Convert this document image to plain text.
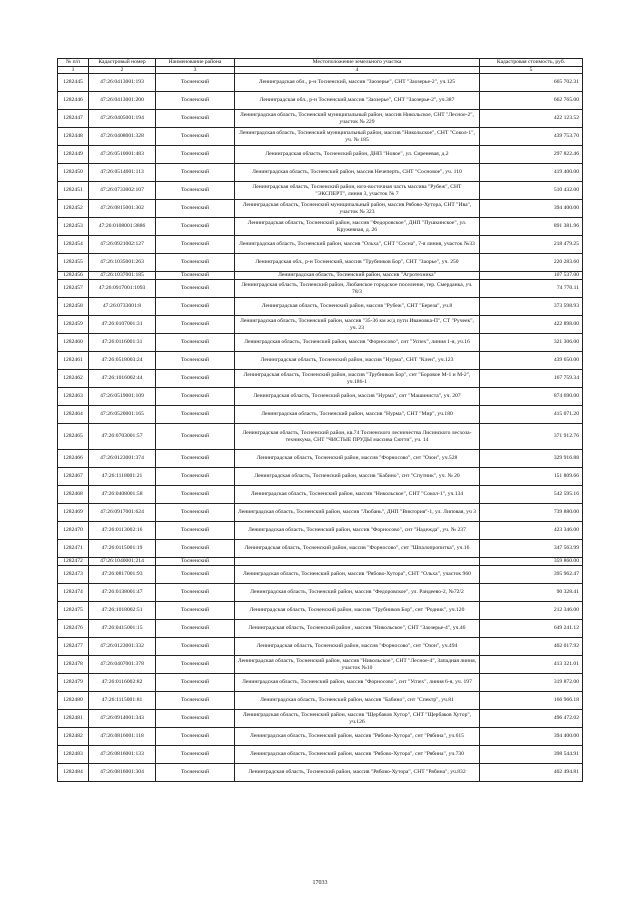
№ п/п	Кадастровый номер	Наименование района	Местоположение земельного участка	Кадастровая стоимость, руб.
1	2	3	4	5
1282445	47:26:0413001:193	Тосненский	Ленинградская обл., р-н Тосненский, массив "Заозерье", СНТ "Заозерье-2", уч.125	665 702.31
1282446	47:26:0413001:200	Тосненский	Ленинградская обл., р-н Тосненский,массив "Заозерье", СНТ "Заозерье-2", уч.387	662 765.00
1282447	47:26:0405001:194	Тосненский	Ленинградская область, Тосненский муниципальный район, массив Никольское, СНТ "Лесное-2", участок № 229	422 123.52
1282448	47:26:0408001:328	Тосненский	Ленинградская область, Тосненский муниципальный район, массив "Никольское", СНТ "Сокол-1", уч. № 185	439 753.70
1282449	47:26:0510001:483	Тосненский	Ленинградская область, Тосненский район, ДНП "Новое", ул. Сиреневая, д.2	297 822.46
1282450	47:26:0514001:113	Тосненский	Ленинградская область, Тосненский район, массив Нечеперть, СНТ "Сосновое", уч. 110	419 400.00
1282451	47:26:0733002:107	Тосненский	Ленинградская область, Тосненский район, юго-восточная часть массива "Рубеж", СНТ "ЭКСПЕРТ", линия 3, участок № 7	510 432.00
1282452	47:26:0815001:302	Тосненский	Ленинградская область, Тосненский муниципальный район, массив Рябово-Хутора, СНТ "Ива", участок № 323	394 400.00
1282453	47:26:0108001:3886	Тосненский	Ленинградская область, Тосненский район, массив "Федоровское", ДНП "Пушкинское", ул. Кружевная, д. 26	891 381.96
1282454	47:26:0921002:127	Тосненский	Ленинградская область, Тосненский район, массив "Ольха", СНТ "Сосна", 7-я линия, участок №33	218 479.25
1282455	47:26:1035001:263	Тосненский	Ленинградская обл., р-н Тосненский, массив "Трубников Бор", СНТ "Заорье", уч. 250	220 283.60
1282456	47:26:1037001:185	Тосненский	Ленинградская область, Тосненский район, массив "Агротехника"	107 537.00
1282457	47:26:0917001:1093	Тосненский	Ленинградская область, Тосненский район, Любанское городское поселение, тер. Смерданка, уч. 78/3	74 770.11
1282458	47:26:0733001:8	Тосненский	Ленинградская область, Тосненский район, массив "Рубеж", СНТ "Береза", уч.8	373 598.93
1282459	47:26:0107001:31	Тосненский	Ленинградская область, Тосненский район, массив "35-36 км ж/д пути Ивановка-П", СТ "Ручеек", уч. 23	422 898.00
1282460	47:26:0116001:31	Тосненский	Ленинградская область, Тосненский район, массив "Форносово", снт "Успех", линия 1-я, уч.16	321 306.00
1282461	47:26:0518003:24	Тосненский	Ленинградская область, Тосненский район, массив "Нурма", СНТ "Клен", уч.123	439 650.00
1282462	47:26:1016002:44	Тосненский	Ленинградская область, Тосненский район, массив "Трубников Бор", снт "Боровое М-1 и М-2", уч.186-1	167 759.34
1282463	47:26:0519001:109	Тосненский	Ленинградская область, Тосненский район, массив "Нурма", снт "Машиниста", уч. 207	874 690.00
1282464	47:26:0520001:165	Тосненский	Ленинградская область, Тосненский район, массив "Нурма", СНТ "Мир", уч.180	415 071.20
1282465	47:26:0703001:57	Тосненский	Ленинградская область, Тосненский район, кв.74 Тосненского лесничества Лисинского лесхоза-техникума, СНТ "ЧИСТЫЕ ПРУДЫ массива Сютти", уч. 14	371 912.76
1282466	47:26:0123001:374	Тосненский	Ленинградская область, Тосненский район, массив "Форносово", снт "Озон", уч.528	329 916.88
1282467	47:26:1118001:21	Тосненский	Ленинградская область, Тосненский район, массив "Бабино", снт "Спутник", уч. № 20	151 809.66
1282468	47:26:0408001:58	Тосненский	Ленинградская область, Тосненский район, массив "Никольское", СНТ "Сокол-1", уч.134	542 595.16
1282469	47:26:0917001:624	Тосненский	Ленинградская область, Тосненский район, массив "Любань", ДНП "Виктория"-1, ул. Липовая, уч 3	739 880.00
1282470	47:26:0113002:16	Тосненский	Ленинградская область, Тосненский район, массив "Форносово", снт "Надежда", уч. № 237	423 346.00
1282471	47:26:0115001:19	Тосненский	Ленинградская область, Тосненский район, массив "Форносово", снт "Шпалопропитка", уч.16	347 563.99
1282472	47:26:1040001:214	Тосненский		359 860.00
1282473	47:26:0817001:93	Тосненский	Ленинградская область, Тосненский район, массив "Рябово-Хутора", СНТ "Ольха", участок 960	395 962.47
1282474	47:26:0138001:47	Тосненский	Ленинградская область, Тосненский район, массив "Федоровское", ул. Рандеево-2, №72/2	90 328.41
1282475	47:26:1018002:51	Тосненский	Ленинградская область, Тосненский район, массив "Трубников Бор", снт "Родник", уч.120	212 346.00
1282476	47:26:0415001:15	Тосненский	Ленинградская область, Тосненский район , массив "Никольское", СНТ "Заозерье-4", уч.46	649 241.12
1282477	47:26:0123001:332	Тосненский	Ленинградская область, Тосненский район, массив "Форносово", снт "Озон", уч.494	402 017.92
1282478	47:26:0407001:378	Тосненский	Ленинградская область, Тосненский район, массив "Никольское", СНТ "Лесное-4", Западная линия, участок №10	413 321.01
1282479	47:26:0116002:82	Тосненский	Ленинградская область, Тосненский район, массив "Форносово", снт "Успех", линия 6-я, уч. 197	319 872.00
1282480	47:26:1115001:81	Тосненский	Ленинградская область, Тосненский район, массив "Бабино", снт "Спектр", уч.81	166 966.18
1282481	47:26:0914001:343	Тосненский	Ленинградская область, Тосненский район, массив "Щербаков Хутор", СНТ "Щербаков Хутор", уч.126	496 472.02
1282482	47:26:0816001:118	Тосненский	Ленинградская область, Тосненский район, массив "Рябово-Хутора", снт "Рябина", уч.615	394 400.00
1282483	47:26:0816001:133	Тосненский	Ленинградская область, Тосненский район, массив "Рябово-Хутора", снт "Рябина", уч.730	398 544.91
1282484	47:26:0816001:304	Тосненский	Ленинградская область, Тосненский район, массив "Рябово-Хутора", СНТ "Рябина", уч.832	402 494.81
17033
